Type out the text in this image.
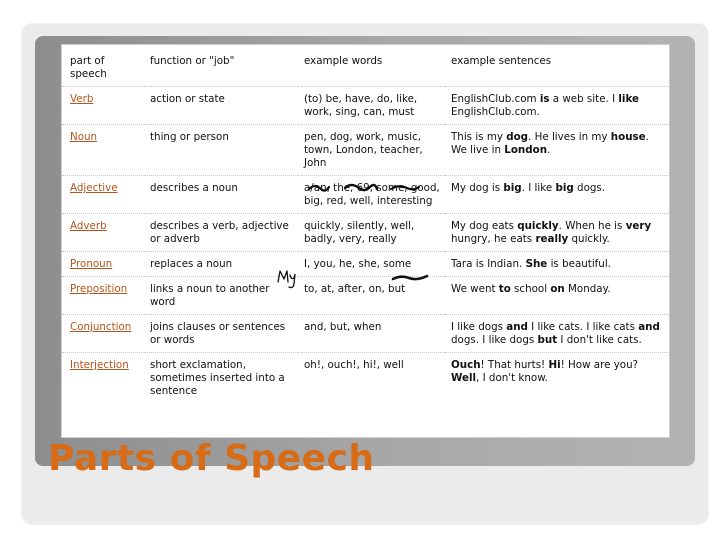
part of speech	function or "job"	example words	example sentences
Verb	action or state	(to) be, have, do, like, work, sing, can, must	EnglishClub.com is a web site. I like EnglishClub.com.
Noun	thing or person	pen, dog, work, music, town, London, teacher, John	This is my dog. He lives in my house. We live in London.
Adjective	describes a noun	a/an, the, 69, some, good, big, red, well, interesting	My dog is big. I like big dogs.
Adverb	describes a verb, adjective or adverb	quickly, silently, well, badly, very, really	My dog eats quickly. When he is very hungry, he eats really quickly.
Pronoun	replaces a noun	I, you, he, she, some	Tara is Indian. She is beautiful.
Preposition	links a noun to another word	to, at, after, on, but	We went to school on Monday.
Conjunction	joins clauses or sentences or words	and, but, when	I like dogs and I like cats. I like cats and dogs. I like dogs but I don't like cats.
Interjection	short exclamation, sometimes inserted into a sentence	oh!, ouch!, hi!, well	Ouch! That hurts! Hi! How are you? Well, I don't know.
Parts of Speech
